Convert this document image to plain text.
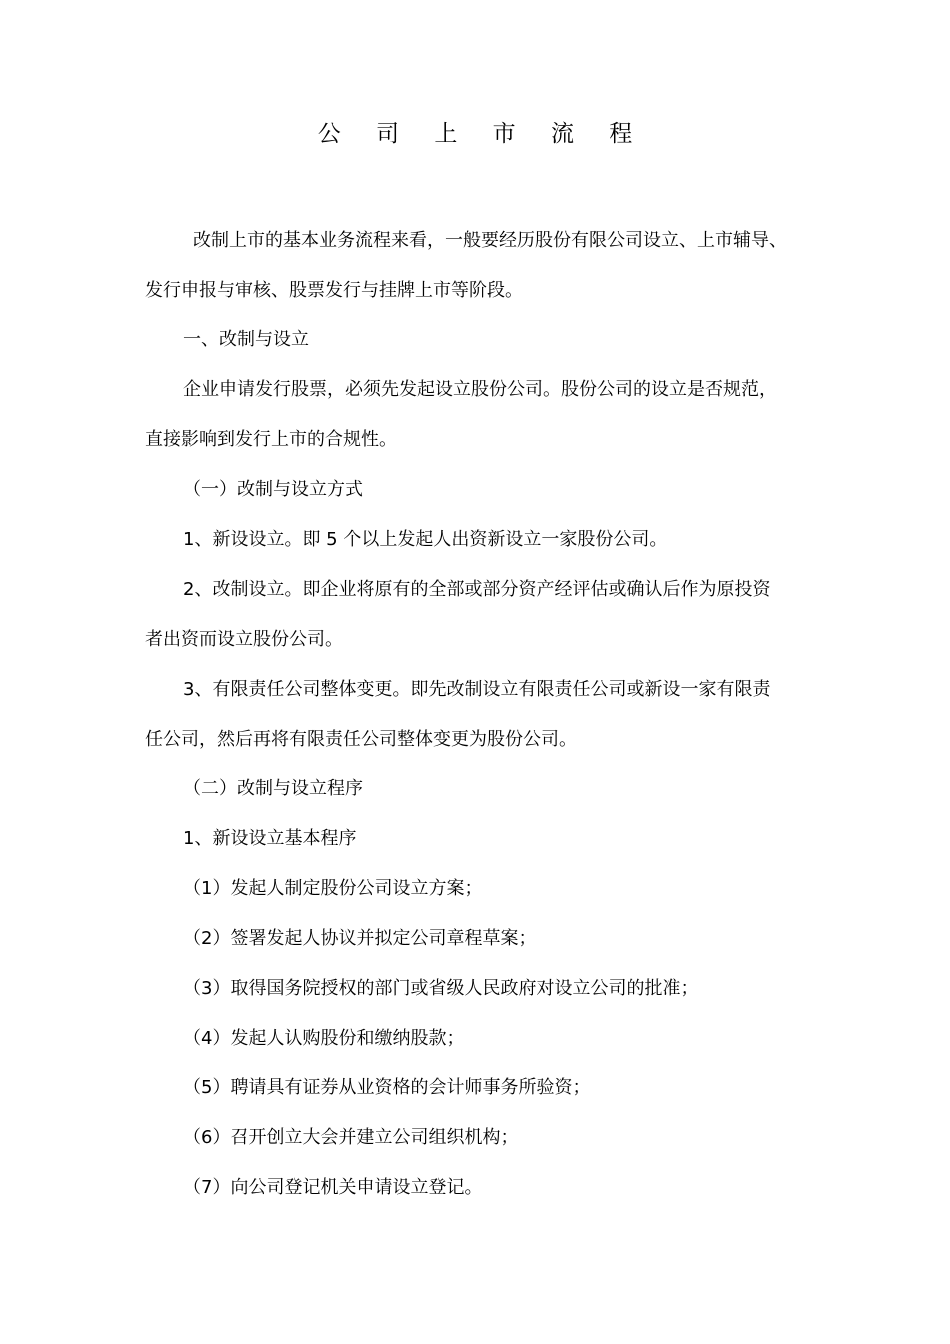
公 司 上 市 流 程
改制上市的基本业务流程来看，一般要经历股份有限公司设立、上市辅导、
发行申报与审核、股票发行与挂牌上市等阶段。
一、改制与设立
企业申请发行股票，必须先发起设立股份公司。股份公司的设立是否规范，
直接影响到发行上市的合规性。
（一）改制与设立方式
1、新设设立。即 5 个以上发起人出资新设立一家股份公司。
2、改制设立。即企业将原有的全部或部分资产经评估或确认后作为原投资
者出资而设立股份公司。
3、有限责任公司整体变更。即先改制设立有限责任公司或新设一家有限责
任公司，然后再将有限责任公司整体变更为股份公司。
（二）改制与设立程序
1、新设设立基本程序
（1）发起人制定股份公司设立方案；
（2）签署发起人协议并拟定公司章程草案；
（3）取得国务院授权的部门或省级人民政府对设立公司的批准；
（4）发起人认购股份和缴纳股款；
（5）聘请具有证券从业资格的会计师事务所验资；
（6）召开创立大会并建立公司组织机构；
（7）向公司登记机关申请设立登记。
